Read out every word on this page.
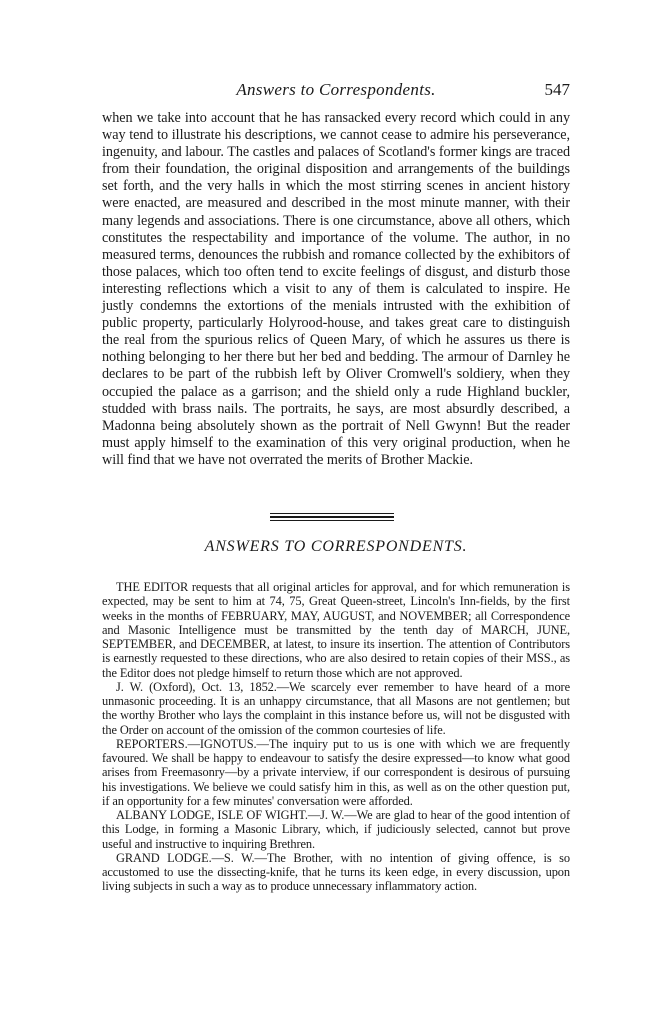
Answers to Correspondents.	547

when we take into account that he has ransacked every record which could in any way tend to illustrate his descriptions, we cannot cease to admire his perseverance, ingenuity, and labour. The castles and palaces of Scotland's former kings are traced from their foundation, the original disposition and arrangements of the buildings set forth, and the very halls in which the most stirring scenes in ancient history were enacted, are measured and described in the most minute manner, with their many legends and associations. There is one circumstance, above all others, which constitutes the respectability and importance of the volume. The author, in no measured terms, denounces the rubbish and romance collected by the exhibitors of those palaces, which too often tend to excite feelings of disgust, and disturb those interesting reflections which a visit to any of them is calculated to inspire. He justly condemns the extortions of the menials intrusted with the exhibition of public property, particularly Holyrood-house, and takes great care to distinguish the real from the spurious relics of Queen Mary, of which he assures us there is nothing belonging to her there but her bed and bedding. The armour of Darnley he declares to be part of the rubbish left by Oliver Cromwell's soldiery, when they occupied the palace as a garrison; and the shield only a rude Highland buckler, studded with brass nails. The portraits, he says, are most absurdly described, a Madonna being absolutely shown as the portrait of Nell Gwynn! But the reader must apply himself to the examination of this very original production, when he will find that we have not overrated the merits of Brother Mackie.

ANSWERS TO CORRESPONDENTS.

THE EDITOR requests that all original articles for approval, and for which remuneration is expected, may be sent to him at 74, 75, Great Queen-street, Lincoln's Inn-fields, by the first weeks in the months of FEBRUARY, MAY, AUGUST, and NOVEMBER; all Correspondence and Masonic Intelligence must be transmitted by the tenth day of MARCH, JUNE, SEPTEMBER, and DECEMBER, at latest, to insure its insertion. The attention of Contributors is earnestly requested to these directions, who are also desired to retain copies of their MSS., as the Editor does not pledge himself to return those which are not approved.

J. W. (Oxford), Oct. 13, 1852.—We scarcely ever remember to have heard of a more unmasonic proceeding. It is an unhappy circumstance, that all Masons are not gentlemen; but the worthy Brother who lays the complaint in this instance before us, will not be disgusted with the Order on account of the omission of the common courtesies of life.

REPORTERS.—IGNOTUS.—The inquiry put to us is one with which we are frequently favoured. We shall be happy to endeavour to satisfy the desire expressed—to know what good arises from Freemasonry—by a private interview, if our correspondent is desirous of pursuing his investigations. We believe we could satisfy him in this, as well as on the other question put, if an opportunity for a few minutes' conversation were afforded.

ALBANY LODGE, ISLE OF WIGHT.—J. W.—We are glad to hear of the good intention of this Lodge, in forming a Masonic Library, which, if judiciously selected, cannot but prove useful and instructive to inquiring Brethren.

GRAND LODGE.—S. W.—The Brother, with no intention of giving offence, is so accustomed to use the dissecting-knife, that he turns its keen edge, in every discussion, upon living subjects in such a way as to produce unnecessary inflammatory action.
